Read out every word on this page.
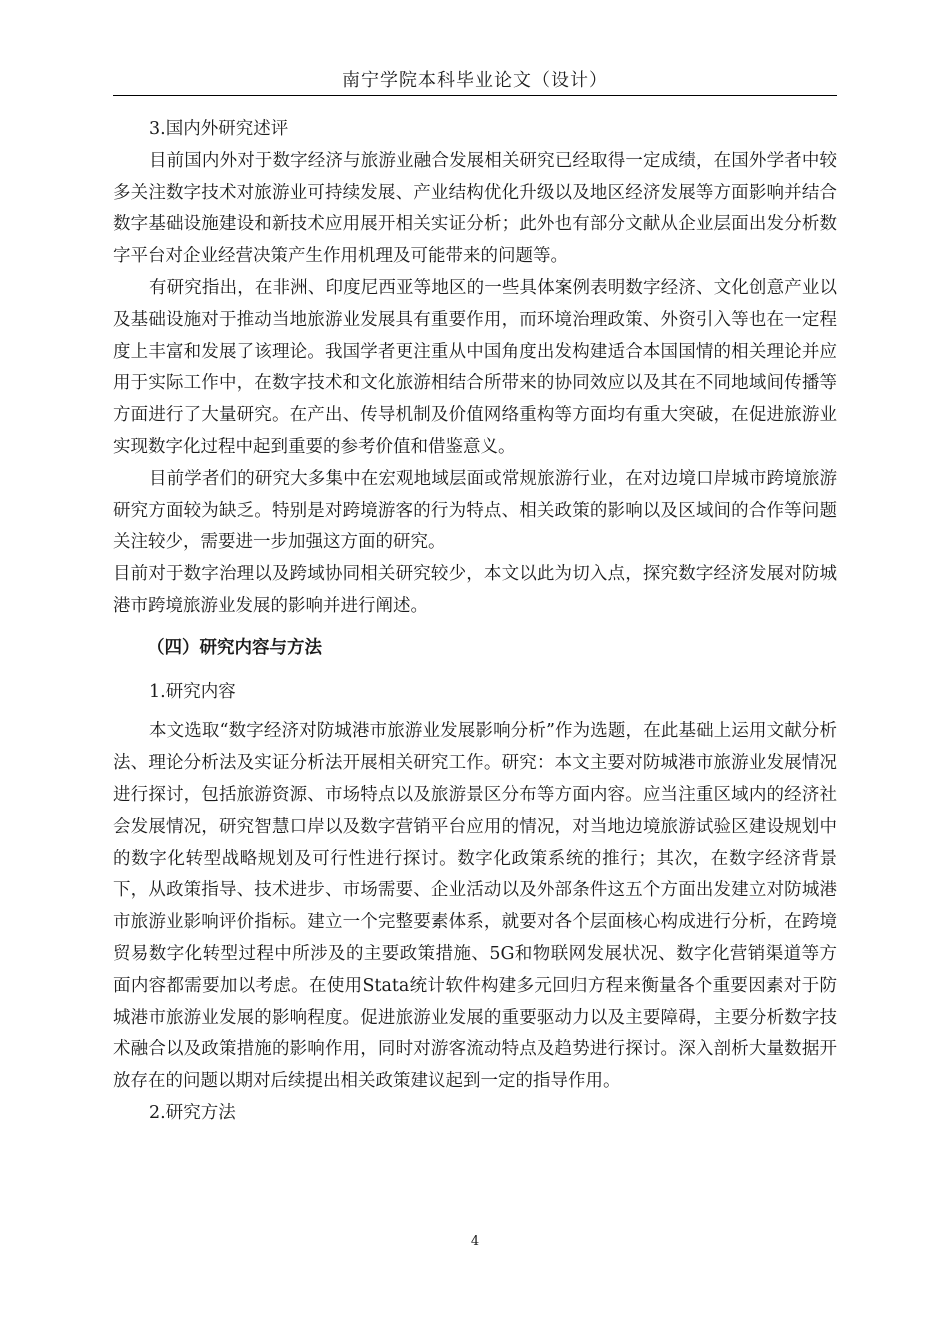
南宁学院本科毕业论文（设计）

3.国内外研究述评

目前国内外对于数字经济与旅游业融合发展相关研究已经取得一定成绩，在国外学者中较多关注数字技术对旅游业可持续发展、产业结构优化升级以及地区经济发展等方面影响并结合数字基础设施建设和新技术应用展开相关实证分析；此外也有部分文献从企业层面出发分析数字平台对企业经营决策产生作用机理及可能带来的问题等。

有研究指出，在非洲、印度尼西亚等地区的一些具体案例表明数字经济、文化创意产业以及基础设施对于推动当地旅游业发展具有重要作用，而环境治理政策、外资引入等也在一定程度上丰富和发展了该理论。我国学者更注重从中国角度出发构建适合本国国情的相关理论并应用于实际工作中，在数字技术和文化旅游相结合所带来的协同效应以及其在不同地域间传播等方面进行了大量研究。在产出、传导机制及价值网络重构等方面均有重大突破，在促进旅游业实现数字化过程中起到重要的参考价值和借鉴意义。

目前学者们的研究大多集中在宏观地域层面或常规旅游行业，在对边境口岸城市跨境旅游研究方面较为缺乏。特别是对跨境游客的行为特点、相关政策的影响以及区域间的合作等问题关注较少，需要进一步加强这方面的研究。

目前对于数字治理以及跨域协同相关研究较少，本文以此为切入点，探究数字经济发展对防城港市跨境旅游业发展的影响并进行阐述。

（四）研究内容与方法

1.研究内容

本文选取“数字经济对防城港市旅游业发展影响分析”作为选题，在此基础上运用文献分析法、理论分析法及实证分析法开展相关研究工作。研究：本文主要对防城港市旅游业发展情况进行探讨，包括旅游资源、市场特点以及旅游景区分布等方面内容。应当注重区域内的经济社会发展情况，研究智慧口岸以及数字营销平台应用的情况，对当地边境旅游试验区建设规划中的数字化转型战略规划及可行性进行探讨。数字化政策系统的推行；其次，在数字经济背景下，从政策指导、技术进步、市场需要、企业活动以及外部条件这五个方面出发建立对防城港市旅游业影响评价指标。建立一个完整要素体系，就要对各个层面核心构成进行分析，在跨境贸易数字化转型过程中所涉及的主要政策措施、5G和物联网发展状况、数字化营销渠道等方面内容都需要加以考虑。在使用Stata统计软件构建多元回归方程来衡量各个重要因素对于防城港市旅游业发展的影响程度。促进旅游业发展的重要驱动力以及主要障碍，主要分析数字技术融合以及政策措施的影响作用，同时对游客流动特点及趋势进行探讨。深入剖析大量数据开放存在的问题以期对后续提出相关政策建议起到一定的指导作用。

2.研究方法

4
